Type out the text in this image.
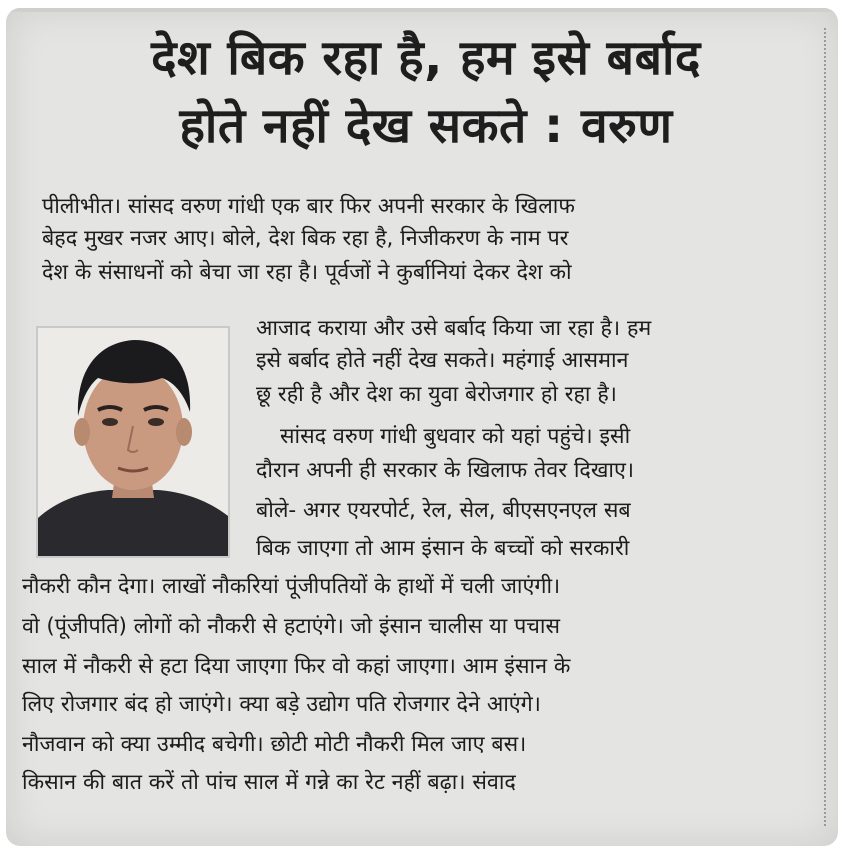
देश बिक रहा है, हम इसे बर्बाद
होते नहीं देख सकते : वरुण
पीलीभीत। सांसद वरुण गांधी एक बार फिर अपनी सरकार के खिलाफ
बेहद मुखर नजर आए। बोले, देश बिक रहा है, निजीकरण के नाम पर
देश के संसाधनों को बेचा जा रहा है। पूर्वजों ने कुर्बानियां देकर देश को
आजाद कराया और उसे बर्बाद किया जा रहा है। हम
इसे बर्बाद होते नहीं देख सकते। महंगाई आसमान
छू रही है और देश का युवा बेरोजगार हो रहा है।
सांसद वरुण गांधी बुधवार को यहां पहुंचे। इसी
दौरान अपनी ही सरकार के खिलाफ तेवर दिखाए।
बोले- अगर एयरपोर्ट, रेल, सेल, बीएसएनएल सब
बिक जाएगा तो आम इंसान के बच्चों को सरकारी
नौकरी कौन देगा। लाखों नौकरियां पूंजीपतियों के हाथों में चली जाएंगी।
वो (पूंजीपति) लोगों को नौकरी से हटाएंगे। जो इंसान चालीस या पचास
साल में नौकरी से हटा दिया जाएगा फिर वो कहां जाएगा। आम इंसान के
लिए रोजगार बंद हो जाएंगे। क्या बड़े उद्योग पति रोजगार देने आएंगे।
नौजवान को क्या उम्मीद बचेगी। छोटी मोटी नौकरी मिल जाए बस।
किसान की बात करें तो पांच साल में गन्ने का रेट नहीं बढ़ा। संवाद
